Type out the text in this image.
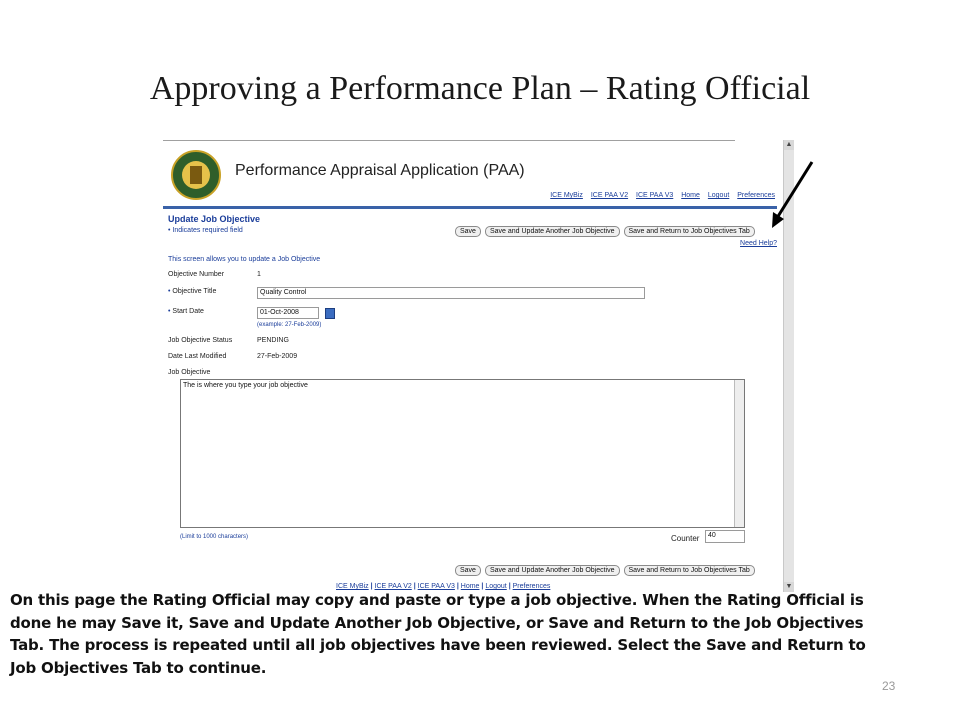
Approving a Performance Plan – Rating Official
Performance Appraisal Application (PAA)
ICE MyBiz ICE PAA V2 ICE PAA V3 Home Logout Preferences
Update Job Objective
• Indicates required field	Save	Save and Update Another Job Objective	Save and Return to Job Objectives Tab
Need Help?
This screen allows you to update a Job Objective
Objective Number	1
• Objective Title	Quality Control
• Start Date	01-Oct-2008
(example: 27-Feb-2009)
Job Objective Status	PENDING
Date Last Modified	27-Feb-2009
Job Objective
The is where you type your job objective
(Limit to 1000 characters)	Counter	40
Save	Save and Update Another Job Objective	Save and Return to Job Objectives Tab
ICE MyBiz | ICE PAA V2 | ICE PAA V3 | Home | Logout | Preferences
▲
▼
On this page the Rating Official may copy and paste or type a job objective. When the Rating Official is done he may Save it, Save and Update Another Job Objective, or Save and Return to the Job Objectives Tab. The process is repeated until all job objectives have been reviewed. Select the Save and Return to Job Objectives Tab to continue.
23
